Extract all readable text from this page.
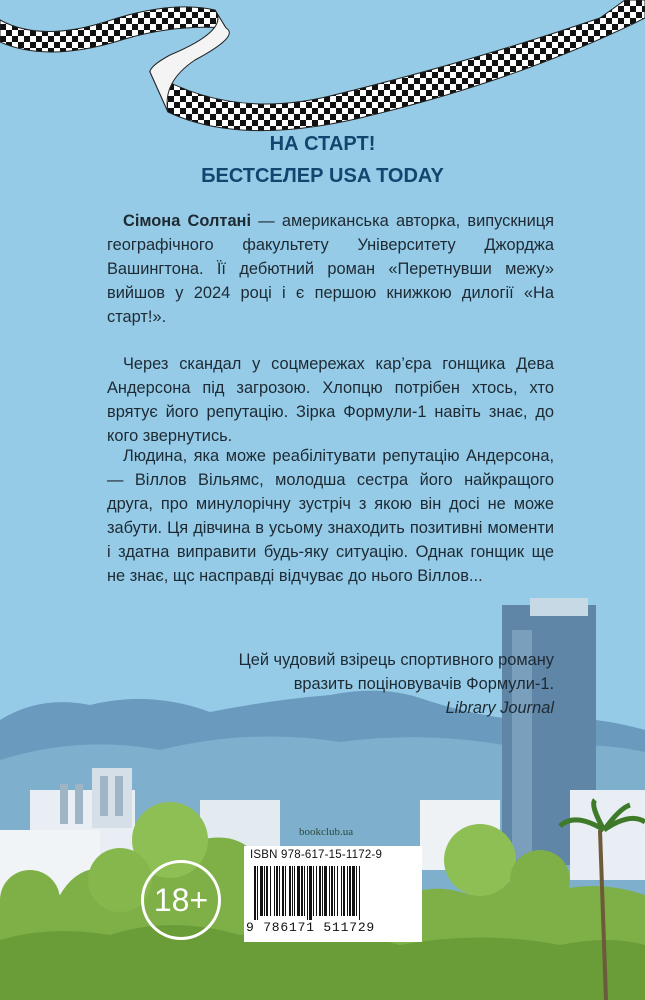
НА СТАРТ!
БЕСТСЕЛЕР USA TODAY
Сімона Солтані — американська авторка, випускниця географічного факультету Університету Джорджа Вашингтона. Її дебютний роман «Перетнувши межу» вийшов у 2024 році і є першою книжкою дилогії «На старт!».
Через скандал у соцмережах кар’єра гонщика Дева Андерсона під загрозою. Хлопцю потрібен хтось, хто врятує його репутацію. Зірка Формули-1 навіть знає, до кого звернутись.
Людина, яка може реабілітувати репутацію Андерсона, — Віллов Вільямс, молодша сестра його найкращого друга, про минулорічну зустріч з якою він досі не може забути. Ця дівчина в усьому знаходить позитивні моменти і здатна виправити будь-яку ситуацію. Однак гонщик ще не знає, щс насправді відчуває до нього Віллов...
Цей чудовий взірець спортивного роману
вразить поціновувачів Формули-1.
Library Journal
bookclub.ua
18+
ISBN 978-617-15-1172-9
9 786171 511729
